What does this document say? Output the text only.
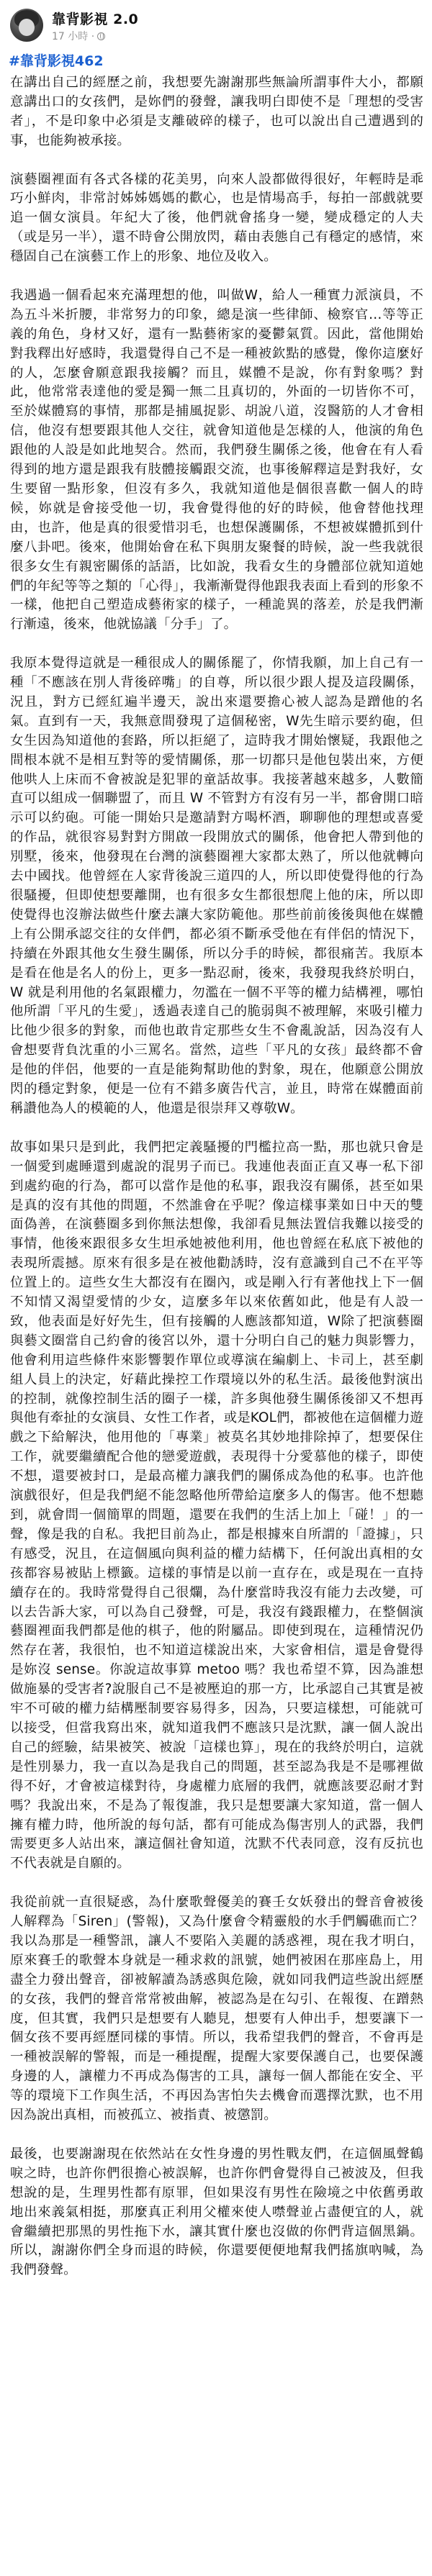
靠背影視 2.0
17 小時 ·
#靠背影視462

在講出自己的經歷之前，我想要先謝謝那些無論所謂事件大小，都願意講出口的女孩們，是妳們的發聲，讓我明白即使不是「理想的受害者」，不是印象中必須是支離破碎的樣子，也可以說出自己遭遇到的事，也能夠被承接。

演藝圈裡面有各式各樣的花美男，向來人設都做得很好，年輕時是乖巧小鮮肉，非常討姊姊媽媽的歡心，也是情場高手，每拍一部戲就要追一個女演員。年紀大了後，他們就會搖身一變，變成穩定的人夫（或是另一半），還不時會公開放閃，藉由表態自己有穩定的感情，來穩固自己在演藝工作上的形象、地位及收入。

我遇過一個看起來充滿理想的他，叫做W，給人一種實力派演員，不為五斗米折腰，非常努力的印象，總是演一些律師、檢察官…等等正義的角色，身材又好，還有一點藝術家的憂鬱氣質。因此，當他開始對我釋出好感時，我還覺得自己不是一種被欽點的感覺，像你這麼好的人，怎麼會願意跟我接觸？而且，媒體不是說，你有對象嗎？對此，他常常表達他的愛是獨一無二且真切的，外面的一切皆你不可，至於媒體寫的事情，那都是捕風捉影、胡說八道，沒醫筋的人才會相信，他沒有想要跟其他人交往，就會知道他是怎樣的人，他演的角色跟他的人設是如此地契合。然而，我們發生關係之後，他會在有人看得到的地方還是跟我有肢體接觸跟交流，也事後解釋這是對我好，女生要留一點形象，但沒有多久，我就知道他是個很喜歡一個人的時候，妳就是會接受他一切，我會覺得他的好的時候，他會替他找理由，也許，他是真的很愛惜羽毛，也想保護關係，不想被媒體抓到什麼八卦吧。後來，他開始會在私下與朋友聚餐的時候，說一些我就很很多女生有親密關係的話語，比如說，我看女生的身體部位就知道她們的年紀等等之類的「心得」，我漸漸覺得他跟我表面上看到的形象不一樣，他把自己塑造成藝術家的樣子，一種詭異的落差，於是我們漸行漸遠，後來，他就協議「分手」了。

我原本覺得這就是一種很成人的關係罷了，你情我願，加上自己有一種「不應該在別人背後碎嘴」的自尊，所以很少跟人提及這段關係，況且，對方已經紅遍半邊天，說出來還要擔心被人認為是蹭他的名氣。直到有一天，我無意間發現了這個秘密，W先生暗示要約砲，但女生因為知道他的套路，所以拒絕了，這時我才開始懷疑，我跟他之間根本就不是相互對等的愛情關係，那一切都只是他包裝出來，方便他哄人上床而不會被說是犯罪的童話故事。我接著越來越多，人數簡直可以組成一個聯盟了，而且 W 不管對方有沒有另一半，都會開口暗示可以約砲。可能一開始只是邀請對方喝杯酒，聊聊他的理想或喜愛的作品，就很容易對對方開啟一段開放式的關係，他會把人帶到他的別墅，後來，他發現在台灣的演藝圈裡大家都太熟了，所以他就轉向去中國找。他曾經在人家背後說三道四的人，所以即使覺得他的行為很騷擾，但即使想要離開，也有很多女生都很想爬上他的床，所以即使覺得也沒辦法做些什麼去讓大家防範他。那些前前後後與他在媒體上有公開承認交往的女伴們，都必須不斷承受他在有伴侶的情況下，持續在外跟其他女生發生關係，所以分手的時候，都很痛苦。我原本是看在他是名人的份上，更多一點忍耐，後來，我發現我終於明白，W 就是利用他的名氣跟權力，勿濫在一個不平等的權力結構裡，哪怕他所謂「平凡的生愛」，透過表達自己的脆弱與不被理解，來吸引權力比他少很多的對象，而他也敢肯定那些女生不會亂說話，因為沒有人會想要背負沈重的小三罵名。當然，這些「平凡的女孩」最終都不會是他的伴侶，他要的一直是能夠幫助他的對象，現在，他願意公開放閃的穩定對象，便是一位有不錯多廣告代言，並且，時常在媒體面前稱讚他為人的模範的人，他還是很崇拜又尊敬W。

故事如果只是到此，我們把定義騷擾的門檻拉高一點，那也就只會是一個愛到處睡還到處說的混男子而已。我連他表面正直又專一私下卻到處約砲的行為，都可以當作是他的私事，跟我沒有關係，甚至如果是真的沒有其他的問題，不然誰會在乎呢？像這樣事業如日中天的雙面偽善，在演藝圈多到你無法想像，我卻看見無法置信我難以接受的事情，他後來跟很多女生坦承她被他利用，他也曾經在私底下被他的表現所震撼。原來有很多是在被他勸誘時，沒有意識到自己不在平等位置上的。這些女生大都沒有在圈內，或是剛入行有著他找上下一個不知情又渴望愛情的少女，這麼多年以來依舊如此，他是有人設一致，他表面是好好先生，但有接觸的人應該都知道，W除了把演藝圈與藝文圈當自己約會的後宮以外，還十分明白自己的魅力與影響力，他會利用這些條件來影響製作單位或導演在編劇上、卡司上，甚至劇組人員上的決定，好藉此操控工作環境以外的私生活。最後他對演出的控制，就像控制生活的圈子一樣，許多與他發生關係後卻又不想再與他有牽扯的女演員、女性工作者，或是KOL們，都被他在這個權力遊戲之下給解決，他用他的「專業」被莫名其妙地排除掉了，想要保住工作，就要繼續配合他的戀愛遊戲，表現得十分愛慕他的樣子，即使不想，還要被封口，是最高權力讓我們的關係成為他的私事。也許他演戲很好，但是我們絕不能忽略他所帶給這麼多人的傷害。他不想聽到，就會問一個簡單的問題，還要在我們的生活上加上「碰！」的一聲，像是我的自私。我把目前為止，都是根據來自所謂的「證據」，只有感受，況且，在這個風向與利益的權力結構下，任何說出真相的女孩都容易被貼上標籤。這樣的事情是以前一直存在，或是現在一直持續存在的。我時常覺得自己很爛，為什麼當時我沒有能力去改變，可以去告訴大家，可以為自己發聲，可是，我沒有錢跟權力，在整個演藝圈裡面我們都是他的棋子，他的附屬品。即使到現在，這種情況仍然存在著，我很怕，也不知道這樣說出來，大家會相信，還是會覺得是妳沒 sense。你說這故事算 metoo 嗎？我也希望不算，因為誰想做施暴的受害者?說服自己不是被壓迫的那一方，比承認自己其實是被牢不可破的權力結構壓制要容易得多，因為，只要這樣想，可能就可以接受，但當我寫出來，就知道我們不應該只是沈默，讓一個人說出自己的經驗，結果被笑、被說「這樣也算」，現在的我終於明白，這就是性別暴力，我一直以為是我自己的問題，甚至認為我是不是哪裡做得不好，才會被這樣對待，身處權力底層的我們，就應該要忍耐才對嗎？我說出來，不是為了報復誰，我只是想要讓大家知道，當一個人擁有權力時，他所說的每句話，都有可能成為傷害別人的武器，我們需要更多人站出來，讓這個社會知道，沈默不代表同意，沒有反抗也不代表就是自願的。

我從前就一直很疑惑，為什麼歌聲優美的賽壬女妖發出的聲音會被後人解釋為「Siren」(警報)，又為什麼會令精靈般的水手們觸礁而亡？我以為那是一種警訊，讓人不要陷入美麗的誘惑裡，現在我才明白，原來賽壬的歌聲本身就是一種求救的訊號，她們被困在那座島上，用盡全力發出聲音，卻被解讀為誘惑與危險，就如同我們這些說出經歷的女孩，我們的聲音常常被曲解，被認為是在勾引、在報復、在蹭熱度，但其實，我們只是想要有人聽見，想要有人伸出手，想要讓下一個女孩不要再經歷同樣的事情。所以，我希望我們的聲音，不會再是一種被誤解的警報，而是一種提醒，提醒大家要保護自己，也要保護身邊的人，讓權力不再成為傷害的工具，讓每一個人都能在安全、平等的環境下工作與生活，不再因為害怕失去機會而選擇沈默，也不用因為說出真相，而被孤立、被指責、被懲罰。

最後，也要謝謝現在依然站在女性身邊的男性戰友們，在這個風聲鶴唳之時，也許你們很擔心被誤解，也許你們會覺得自己被波及，但我想說的是，生理男性都有原罪，但如果沒有男性在險境之中依舊勇敢地出來義氣相挺，那麼真正利用父權來使人噤聲並占盡便宜的人，就會繼續把那黑的男性拖下水，讓其實什麼也沒做的你們背這個黑鍋。所以，謝謝你們全身而退的時候，你還要便便地幫我們搖旗吶喊，為我們發聲。
